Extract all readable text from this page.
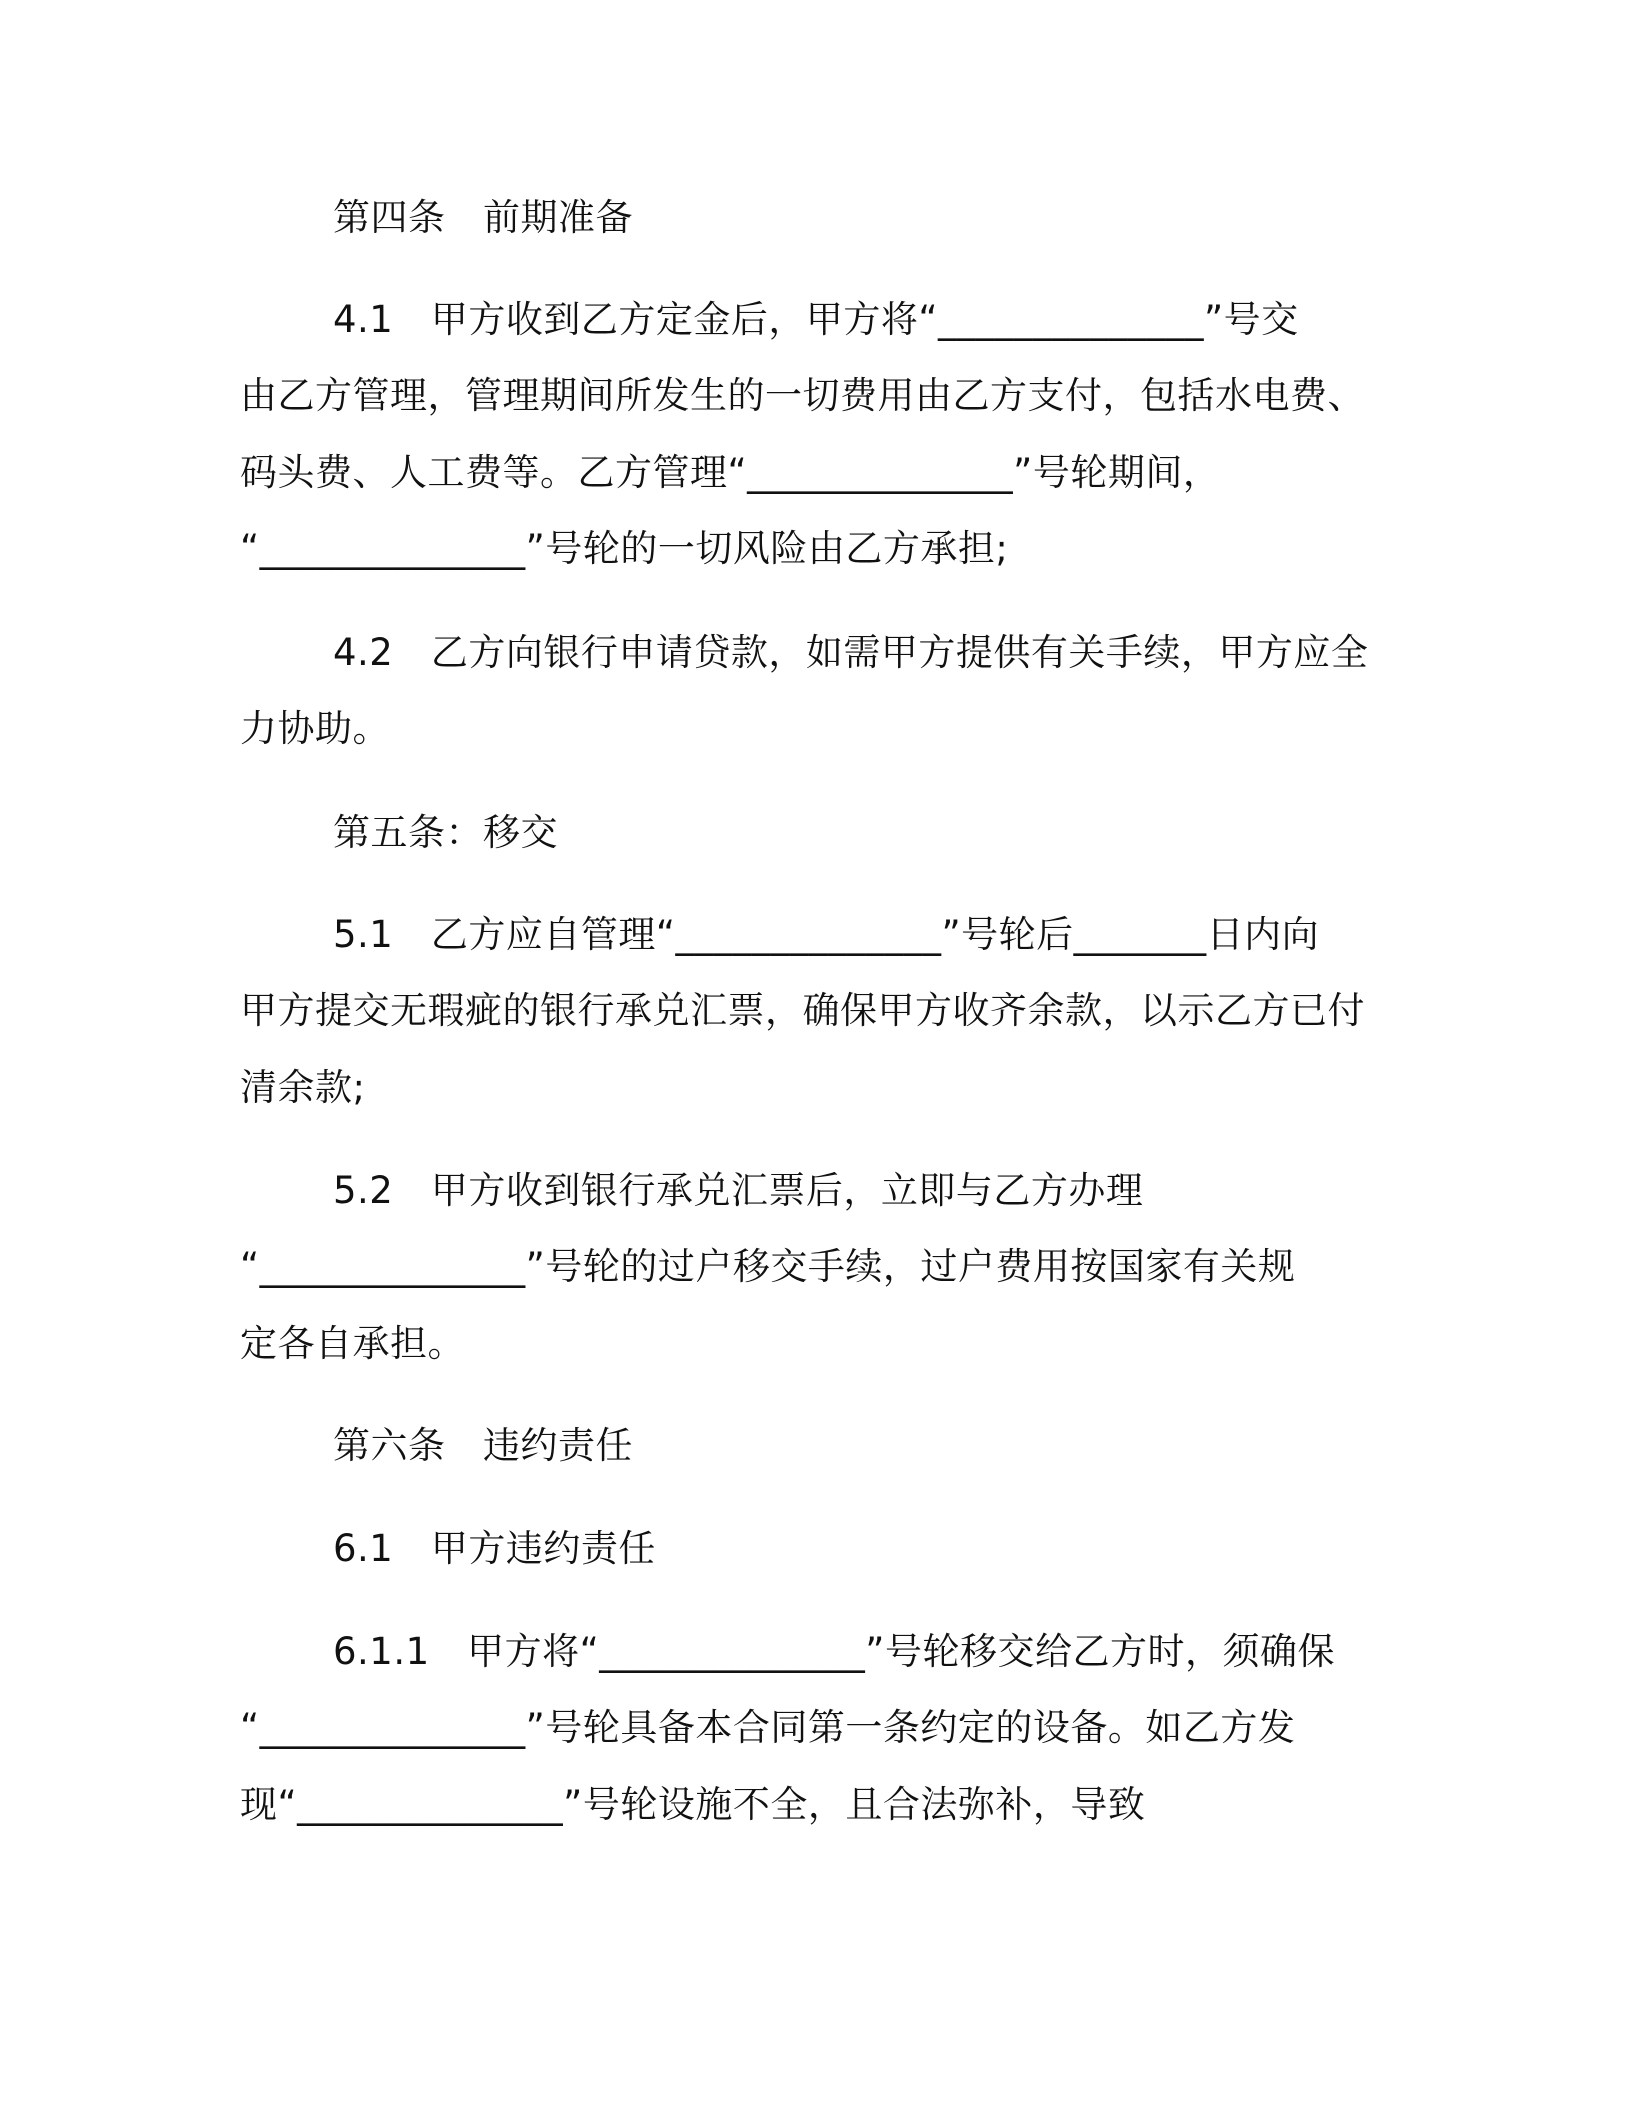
第四条　前期准备
4.1　甲方收到乙方定金后，甲方将“______________”号交
由乙方管理，管理期间所发生的一切费用由乙方支付，包括水电费、
码头费、人工费等。乙方管理“______________”号轮期间，
“______________”号轮的一切风险由乙方承担;
4.2　乙方向银行申请贷款，如需甲方提供有关手续，甲方应全
力协助。
第五条：移交
5.1　乙方应自管理“______________”号轮后_______日内向
甲方提交无瑕疵的银行承兑汇票，确保甲方收齐余款，以示乙方已付
清余款;
5.2　甲方收到银行承兑汇票后，立即与乙方办理
“______________”号轮的过户移交手续，过户费用按国家有关规
定各自承担。
第六条　违约责任
6.1　甲方违约责任
6.1.1　甲方将“______________”号轮移交给乙方时，须确保
“______________”号轮具备本合同第一条约定的设备。如乙方发
现“______________”号轮设施不全，且合法弥补，导致
